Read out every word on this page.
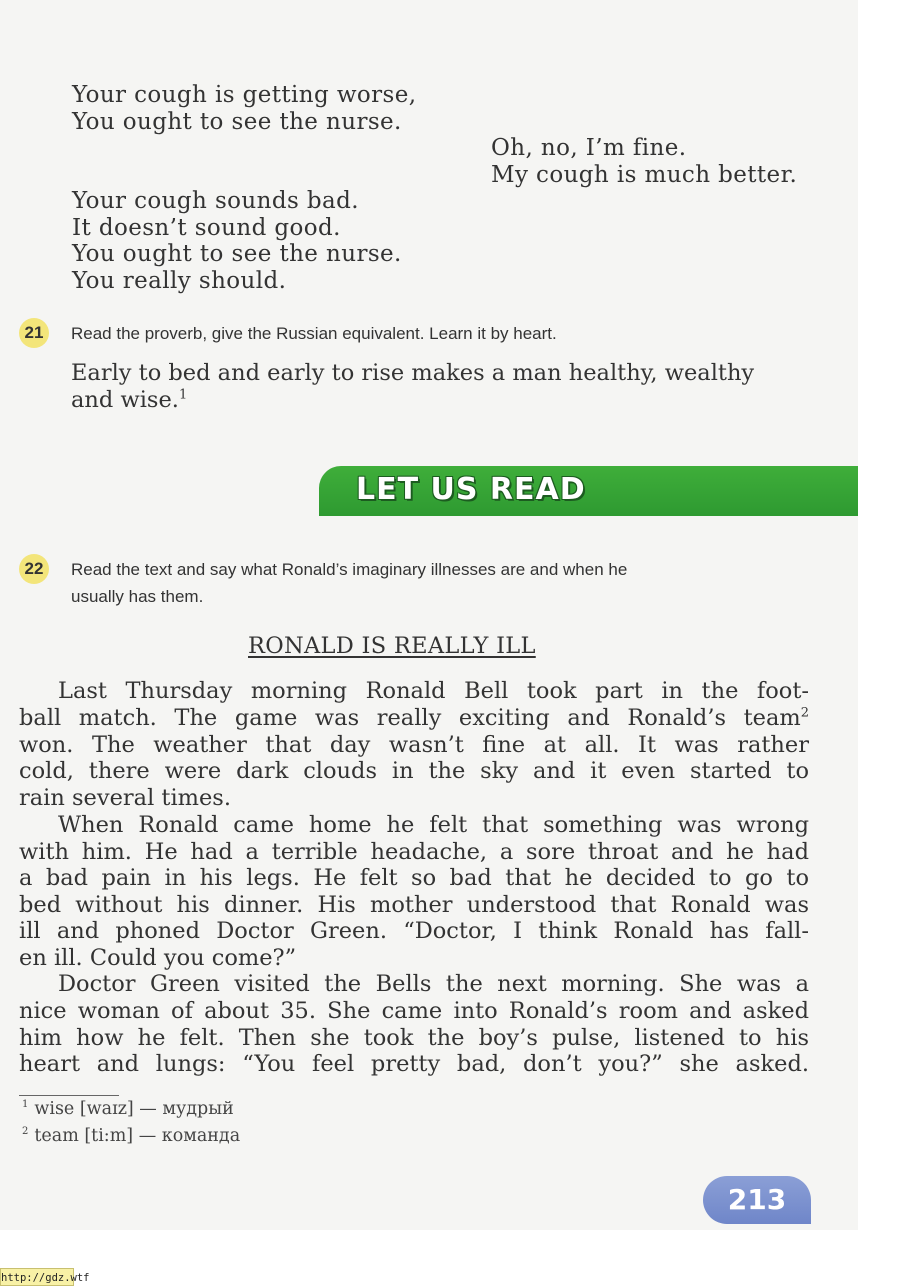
Your cough is getting worse,
You ought to see the nurse.
Oh, no, I’m fine.
My cough is much better.
Your cough sounds bad.
It doesn’t sound good.
You ought to see the nurse.
You really should.
21	Read the proverb, give the Russian equivalent. Learn it by heart.
Early to bed and early to rise makes a man healthy, wealthy
and wise.$^1$
LET US READ
22	Read the text and say what Ronald’s imaginary illnesses are and when he
usually has them.
RONALD IS REALLY ILL
Last Thursday morning Ronald Bell took part in the foot-
ball match. The game was really exciting and Ronald’s team$^2$
won. The weather that day wasn’t fine at all. It was rather
cold, there were dark clouds in the sky and it even started to
rain several times.
When Ronald came home he felt that something was wrong
with him. He had a terrible headache, a sore throat and he had
a bad pain in his legs. He felt so bad that he decided to go to
bed without his dinner. His mother understood that Ronald was
ill and phoned Doctor Green. “Doctor, I think Ronald has fall-
en ill. Could you come?”
Doctor Green visited the Bells the next morning. She was a
nice woman of about 35. She came into Ronald’s room and asked
him how he felt. Then she took the boy’s pulse, listened to his
heart and lungs: “You feel pretty bad, don’t you?” she asked.
$^1$ wise [waɪz] — мудрый
$^2$ team [ti:m] — команда
213
http://gdz.wtf
